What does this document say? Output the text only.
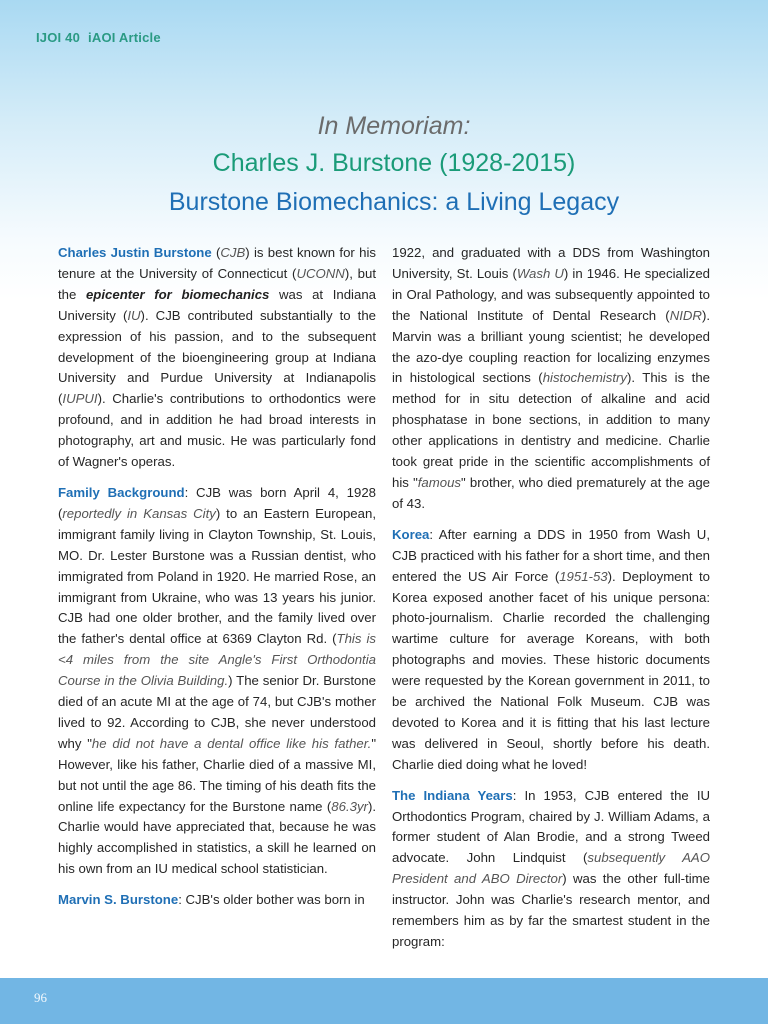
IJOI 40 iAOI Article
In Memoriam:
Charles J. Burstone (1928-2015)
Burstone Biomechanics: a Living Legacy

Charles Justin Burstone (CJB) is best known for his tenure at the University of Connecticut (UCONN), but the epicenter for biomechanics was at Indiana University (IU). CJB contributed substantially to the expression of his passion, and to the subsequent development of the bioengineering group at Indiana University and Purdue University at Indianapolis (IUPUI). Charlie's contributions to orthodontics were profound, and in addition he had broad interests in photography, art and music. He was particularly fond of Wagner's operas.

Family Background: CJB was born April 4, 1928 (reportedly in Kansas City) to an Eastern European, immigrant family living in Clayton Township, St. Louis, MO. Dr. Lester Burstone was a Russian dentist, who immigrated from Poland in 1920. He married Rose, an immigrant from Ukraine, who was 13 years his junior. CJB had one older brother, and the family lived over the father's dental office at 6369 Clayton Rd. (This is <4 miles from the site Angle's First Orthodontia Course in the Olivia Building.) The senior Dr. Burstone died of an acute MI at the age of 74, but CJB's mother lived to 92. According to CJB, she never understood why "he did not have a dental office like his father." However, like his father, Charlie died of a massive MI, but not until the age 86. The timing of his death fits the online life expectancy for the Burstone name (86.3yr). Charlie would have appreciated that, because he was highly accomplished in statistics, a skill he learned on his own from an IU medical school statistician.

Marvin S. Burstone: CJB's older bother was born in

1922, and graduated with a DDS from Washington University, St. Louis (Wash U) in 1946. He specialized in Oral Pathology, and was subsequently appointed to the National Institute of Dental Research (NIDR). Marvin was a brilliant young scientist; he developed the azo-dye coupling reaction for localizing enzymes in histological sections (histochemistry). This is the method for in situ detection of alkaline and acid phosphatase in bone sections, in addition to many other applications in dentistry and medicine. Charlie took great pride in the scientific accomplishments of his "famous" brother, who died prematurely at the age of 43.

Korea: After earning a DDS in 1950 from Wash U, CJB practiced with his father for a short time, and then entered the US Air Force (1951-53). Deployment to Korea exposed another facet of his unique persona: photo-journalism. Charlie recorded the challenging wartime culture for average Koreans, with both photographs and movies. These historic documents were requested by the Korean government in 2011, to be archived the National Folk Museum. CJB was devoted to Korea and it is fitting that his last lecture was delivered in Seoul, shortly before his death. Charlie died doing what he loved!

The Indiana Years: In 1953, CJB entered the IU Orthodontics Program, chaired by J. William Adams, a former student of Alan Brodie, and a strong Tweed advocate. John Lindquist (subsequently AAO President and ABO Director) was the other full-time instructor. John was Charlie's research mentor, and remembers him as by far the smartest student in the program:

96
